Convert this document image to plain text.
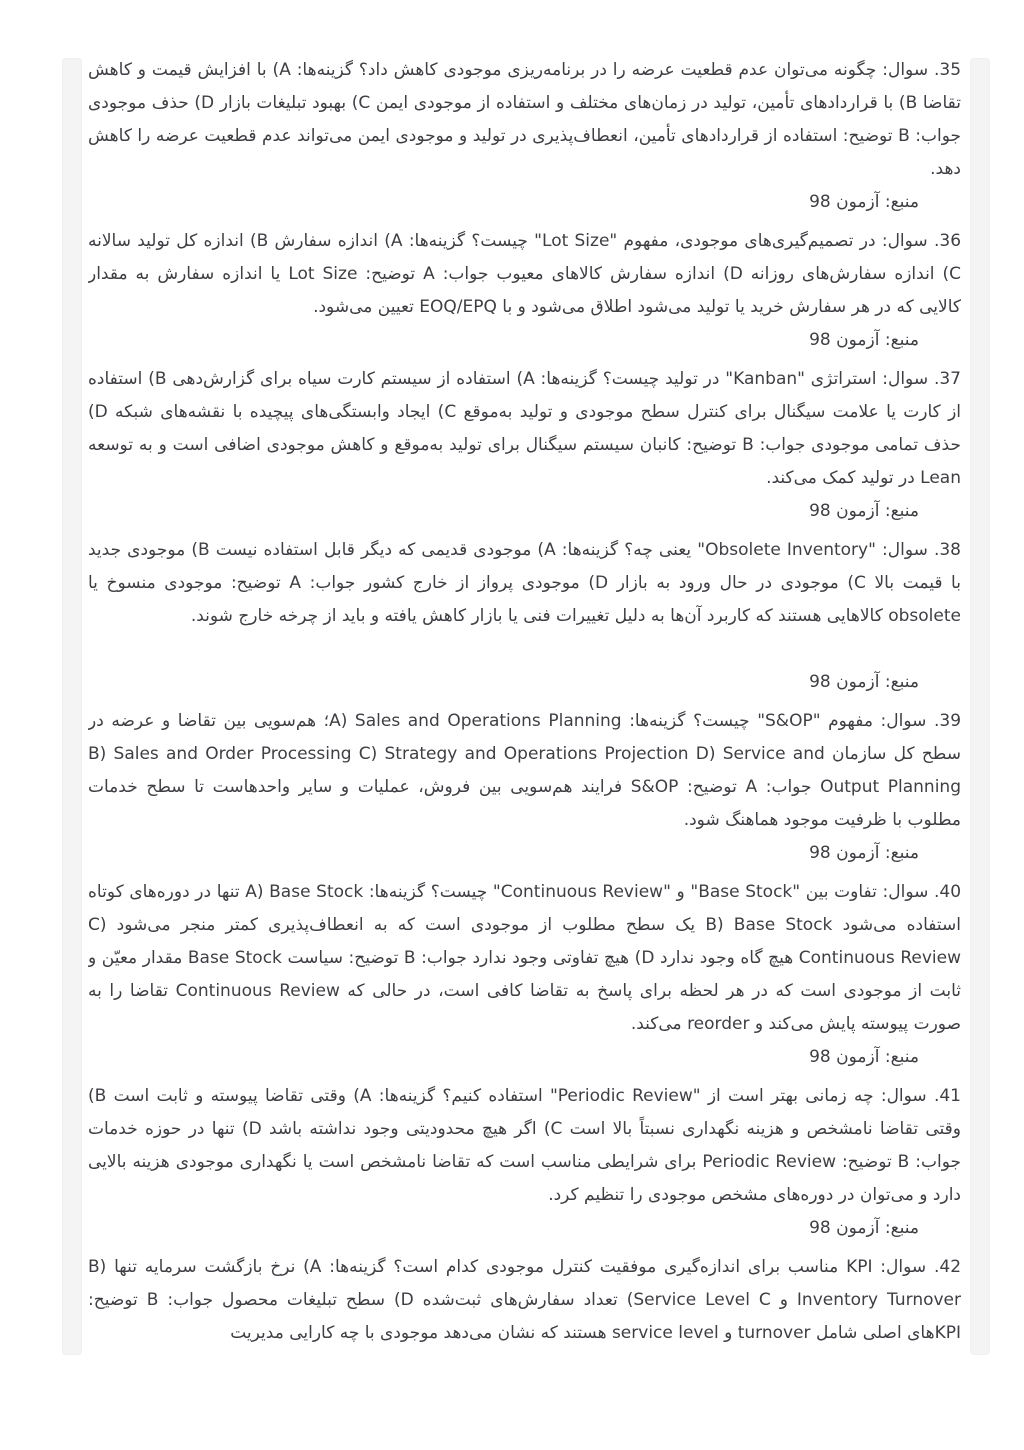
35. سوال: چگونه می‌توان عدم قطعیت عرضه را در برنامه‌ریزی موجودی کاهش داد؟ گزینه‌ها: A) با افزایش قیمت و کاهش تقاضا B) با قراردادهای تأمین، تولید در زمان‌های مختلف و استفاده از موجودی ایمن C) بهبود تبلیغات بازار D) حذف موجودی جواب: B توضیح: استفاده از قراردادهای تأمین، انعطاف‌پذیری در تولید و موجودی ایمن می‌تواند عدم قطعیت عرضه را کاهش دهد.

منبع: آزمون 98

36. سوال: در تصمیم‌گیری‌های موجودی، مفهوم "Lot Size" چیست؟ گزینه‌ها: A) اندازه سفارش B) اندازه کل تولید سالانه C) اندازه سفارش‌های روزانه D) اندازه سفارش کالاهای معیوب جواب: A توضیح: Lot Size یا اندازه سفارش به مقدار کالایی که در هر سفارش خرید یا تولید می‌شود اطلاق می‌شود و با EOQ/EPQ تعیین می‌شود.

منبع: آزمون 98

37. سوال: استراتژی "Kanban" در تولید چیست؟ گزینه‌ها: A) استفاده از سیستم کارت سیاه برای گزارش‌دهی B) استفاده از کارت یا علامت سیگنال برای کنترل سطح موجودی و تولید به‌موقع C) ایجاد وابستگی‌های پیچیده با نقشه‌های شبکه D) حذف تمامی موجودی جواب: B توضیح: کانبان سیستم سیگنال برای تولید به‌موقع و کاهش موجودی اضافی است و به توسعه Lean در تولید کمک می‌کند.

منبع: آزمون 98

38. سوال: "Obsolete Inventory" یعنی چه؟ گزینه‌ها: A) موجودی قدیمی که دیگر قابل استفاده نیست B) موجودی جدید با قیمت بالا C) موجودی در حال ورود به بازار D) موجودی پرواز از خارج کشور جواب: A توضیح: موجودی منسوخ یا obsolete کالاهایی هستند که کاربرد آن‌ها به دلیل تغییرات فنی یا بازار کاهش یافته و باید از چرخه خارج شوند.

منبع: آزمون 98

39. سوال: مفهوم "S&OP" چیست؟ گزینه‌ها: A) Sales and Operations Planning؛ هم‌سویی بین تقاضا و عرضه در سطح کل سازمان B) Sales and Order Processing C) Strategy and Operations Projection D) Service and Output Planning جواب: A توضیح: S&OP فرایند هم‌سویی بین فروش، عملیات و سایر واحدهاست تا سطح خدمات مطلوب با ظرفیت موجود هماهنگ شود.

منبع: آزمون 98

40. سوال: تفاوت بین "Base Stock" و "Continuous Review" چیست؟ گزینه‌ها: A) Base Stock تنها در دوره‌های کوتاه استفاده می‌شود B) Base Stock یک سطح مطلوب از موجودی است که به انعطاف‌پذیری کمتر منجر می‌شود C) Continuous Review هیچ گاه وجود ندارد D) هیچ تفاوتی وجود ندارد جواب: B توضیح: سیاست Base Stock مقدار معیّن و ثابت از موجودی است که در هر لحظه برای پاسخ به تقاضا کافی است، در حالی که Continuous Review تقاضا را به صورت پیوسته پایش می‌کند و reorder می‌کند.

منبع: آزمون 98

41. سوال: چه زمانی بهتر است از "Periodic Review" استفاده کنیم؟ گزینه‌ها: A) وقتی تقاضا پیوسته و ثابت است B) وقتی تقاضا نامشخص و هزینه نگهداری نسبتاً بالا است C) اگر هیچ محدودیتی وجود نداشته باشد D) تنها در حوزه خدمات جواب: B توضیح: Periodic Review برای شرایطی مناسب است که تقاضا نامشخص است یا نگهداری موجودی هزینه بالایی دارد و می‌توان در دوره‌های مشخص موجودی را تنظیم کرد.

منبع: آزمون 98

42. سوال: KPI مناسب برای اندازه‌گیری موفقیت کنترل موجودی کدام است؟ گزینه‌ها: A) نرخ بازگشت سرمایه تنها B) Inventory Turnover و Service Level C) تعداد سفارش‌های ثبت‌شده D) سطح تبلیغات محصول جواب: B توضیح: KPI‌های اصلی شامل turnover و service level هستند که نشان می‌دهد موجودی با چه کارایی مدیریت
